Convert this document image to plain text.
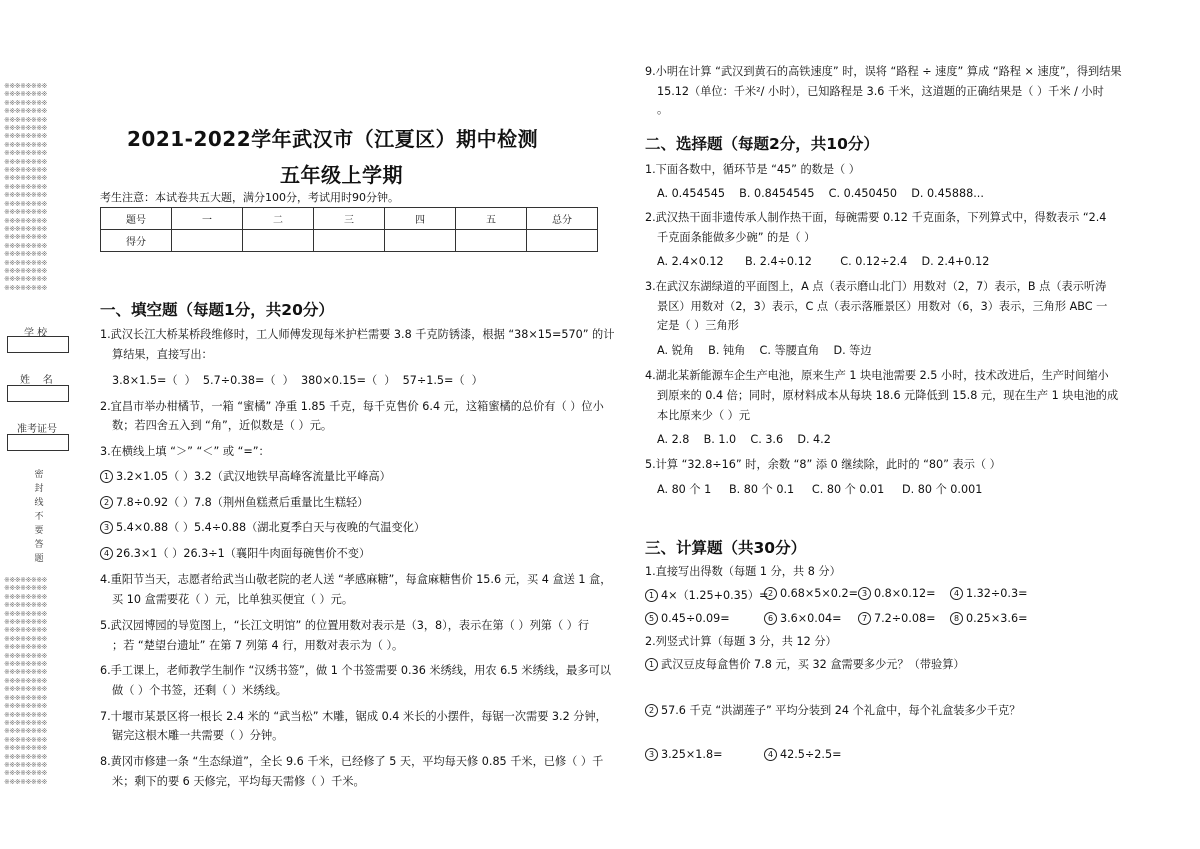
※※※※※※※※
※※※※※※※※
※※※※※※※※
※※※※※※※※
※※※※※※※※
※※※※※※※※
※※※※※※※※
※※※※※※※※
※※※※※※※※
※※※※※※※※
※※※※※※※※
※※※※※※※※
※※※※※※※※
※※※※※※※※
※※※※※※※※
※※※※※※※※
※※※※※※※※
※※※※※※※※
※※※※※※※※
※※※※※※※※
※※※※※※※※
※※※※※※※※
※※※※※※※※
※※※※※※※※
※※※※※※※※
学 校
姓    名
准考证号
密封线不要答题
※※※※※※※※
※※※※※※※※
※※※※※※※※
※※※※※※※※
※※※※※※※※
※※※※※※※※
※※※※※※※※
※※※※※※※※
※※※※※※※※
※※※※※※※※
※※※※※※※※
※※※※※※※※
※※※※※※※※
※※※※※※※※
※※※※※※※※
※※※※※※※※
※※※※※※※※
※※※※※※※※
※※※※※※※※
※※※※※※※※
※※※※※※※※
※※※※※※※※
※※※※※※※※
※※※※※※※※
※※※※※※※※
2021-2022学年武汉市（江夏区）期中检测
五年级上学期
考生注意：本试卷共五大题，满分100分，考试用时90分钟。
题号	一	二	三	四	五	总分
得分						
一、填空题（每题1分，共20分）
1.武汉长江大桥某桥段维修时，工人师傅发现每米护栏需要 3.8 千克防锈漆，根据 “38×15=570” 的计
算结果，直接写出：
3.8×1.5=（  ）  5.7÷0.38=（  ）  380×0.15=（  ）  57÷1.5=（  ）
2.宜昌市举办柑橘节，一箱 “蜜橘” 净重 1.85 千克，每千克售价 6.4 元，这箱蜜橘的总价有（ ）位小
数；若四舍五入到 “角”，近似数是（ ）元。
3.在横线上填 “＞” “＜” 或 “=”：
1 3.2×1.05（ ）3.2（武汉地铁早高峰客流量比平峰高）
2 7.8÷0.92（ ）7.8（荆州鱼糕煮后重量比生糕轻）
3 5.4×0.88（ ）5.4÷0.88（湖北夏季白天与夜晚的气温变化）
4 26.3×1（ ）26.3÷1（襄阳牛肉面每碗售价不变）
4.重阳节当天，志愿者给武当山敬老院的老人送 “孝感麻糖”，每盒麻糖售价 15.6 元，买 4 盒送 1 盒，
买 10 盒需要花（ ）元，比单独买便宜（ ）元。
5.武汉园博园的导览图上，“长江文明馆” 的位置用数对表示是（3，8），表示在第（ ）列第（ ）行
；若 “楚望台遗址” 在第 7 列第 4 行，用数对表示为（ ）。
6.手工课上，老师教学生制作 “汉绣书签”，做 1 个书签需要 0.36 米绣线，用农 6.5 米绣线，最多可以
做（ ）个书签，还剩（ ）米绣线。
7.十堰市某景区将一根长 2.4 米的 “武当松” 木雕，锯成 0.4 米长的小摆件，每锯一次需要 3.2 分钟，
锯完这根木雕一共需要（ ）分钟。
8.黄冈市修建一条 “生态绿道”，全长 9.6 千米，已经修了 5 天，平均每天修 0.85 千米，已修（ ）千
米；剩下的要 6 天修完，平均每天需修（ ）千米。
9.小明在计算 “武汉到黄石的高铁速度” 时，误将 “路程 ÷ 速度” 算成 “路程 × 速度”，得到结果
15.12（单位：千米²/ 小时），已知路程是 3.6 千米，这道题的正确结果是（ ）千米 / 小时
。
二、选择题（每题2分，共10分）
1.下面各数中，循环节是 “45” 的数是（ ）
A. 0.454545    B. 0.8454545    C. 0.450450    D. 0.45888...
2.武汉热干面非遗传承人制作热干面，每碗需要 0.12 千克面条，下列算式中，得数表示 “2.4
千克面条能做多少碗” 的是（ ）
A. 2.4×0.12      B. 2.4÷0.12        C. 0.12÷2.4    D. 2.4+0.12
3.在武汉东湖绿道的平面图上，A 点（表示磨山北门）用数对（2，7）表示，B 点（表示听涛
景区）用数对（2，3）表示，C 点（表示落雁景区）用数对（6，3）表示，三角形 ABC 一
定是（ ）三角形
A. 锐角    B. 钝角    C. 等腰直角    D. 等边
4.湖北某新能源车企生产电池，原来生产 1 块电池需要 2.5 小时，技术改进后，生产时间缩小
到原来的 0.4 倍；同时，原材料成本从每块 18.6 元降低到 15.8 元，现在生产 1 块电池的成
本比原来少（ ）元
A. 2.8    B. 1.0    C. 3.6    D. 4.2
5.计算 “32.8÷16” 时，余数 “8” 添 0 继续除，此时的 “80” 表示（ ）
A. 80 个 1     B. 80 个 0.1     C. 80 个 0.01     D. 80 个 0.001
三、计算题（共30分）
1.直接写出得数（每题 1 分，共 8 分）
1 4×（1.25+0.35）= 2 0.68×5×0.2= 3 0.8×0.12=	4 1.32÷0.3=
5 0.45÷0.09=	6 3.6×0.04=	7 7.2÷0.08=	8 0.25×3.6=
2.列竖式计算（每题 3 分，共 12 分）
1 武汉豆皮每盒售价 7.8 元，买 32 盒需要多少元？（带验算）
2 57.6 千克 “洪湖莲子” 平均分装到 24 个礼盒中，每个礼盒装多少千克？
3 3.25×1.8=	4 42.5÷2.5=
